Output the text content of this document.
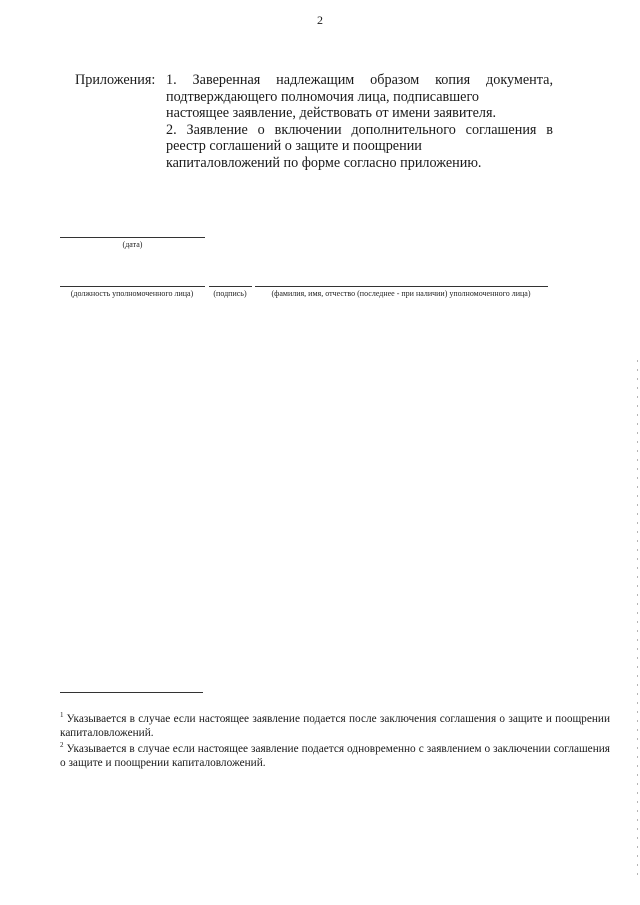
2
Приложения: 1. Заверенная надлежащим образом копия документа, подтверждающего полномочия лица, подписавшего
настоящее заявление, действовать от имени заявителя.
2. Заявление о включении дополнительного соглашения в реестр соглашений о защите и поощрении
капиталовложений по форме согласно приложению.
(дата)
(должность уполномоченного лица)	(подпись)	(фамилия, имя, отчество (последнее - при наличии) уполномоченного лица)
$^1$ Указывается в случае если настоящее заявление подается после заключения соглашения о защите и поощрении капиталовложений.
$^2$ Указывается в случае если настоящее заявление подается одновременно с заявлением о заключении соглашения о защите и поощрении капиталовложений.
